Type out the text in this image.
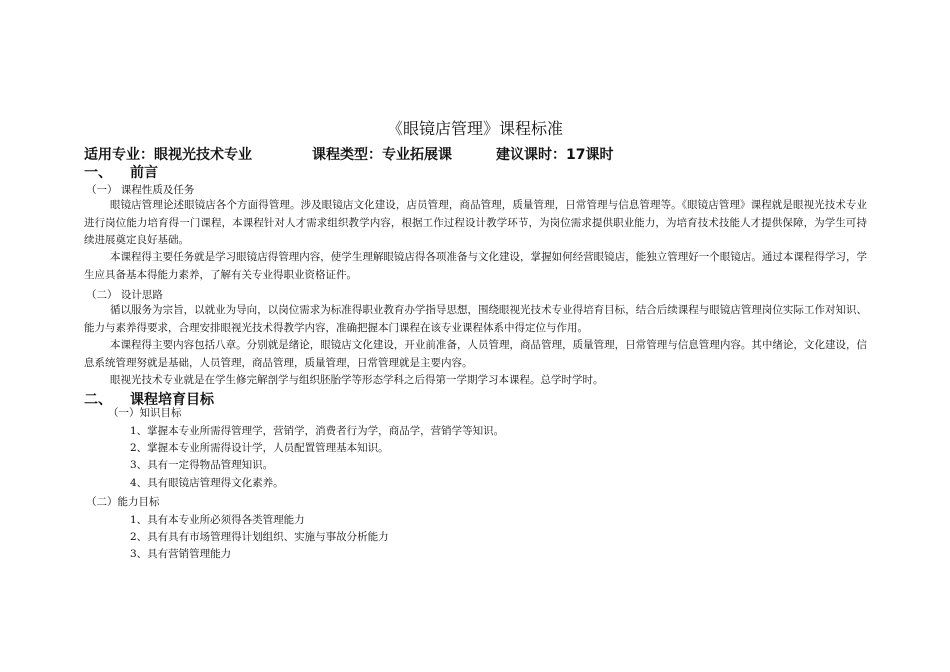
《眼镜店管理》课程标准
适用专业：眼视光技术专业	课程类型：专业拓展课	建议课时：17课时
一、 前言
（一） 课程性质及任务
眼镜店管理论述眼镜店各个方面得管理。涉及眼镜店文化建设，店员管理，商品管理，质量管理，日常管理与信息管理等。《眼镜店管理》课程就是眼视光技术专业进行岗位能力培育得一门课程，本课程针对人才需求组织教学内容，根据工作过程设计教学环节，为岗位需求提供职业能力，为培育技术技能人才提供保障，为学生可持续进展奠定良好基础。
本课程得主要任务就是学习眼镜店得管理内容，使学生理解眼镜店得各项准备与文化建设，掌握如何经营眼镜店，能独立管理好一个眼镜店。通过本课程得学习，学生应具备基本得能力素养，了解有关专业得职业资格证件。
（二） 设计思路
循以服务为宗旨，以就业为导向，以岗位需求为标准得职业教育办学指导思想，围绕眼视光技术专业得培育目标，结合后续课程与眼镜店管理岗位实际工作对知识、能力与素养得要求，合理安排眼视光技术得教学内容，准确把握本门课程在该专业课程体系中得定位与作用。
本课程得主要内容包括八章。分别就是绪论，眼镜店文化建设，开业前准备，人员管理，商品管理，质量管理，日常管理与信息管理内容。其中绪论，文化建设，信息系统管理努就是基础，人员管理，商品管理，质量管理，日常管理就是主要内容。
眼视光技术专业就是在学生修完解剖学与组织胚胎学等形态学科之后得第一学期学习本课程。总学时学时。
二、 课程培育目标
（一）知识目标
1、掌握本专业所需得管理学，营销学，消费者行为学，商品学，营销学等知识。
2、掌握本专业所需得设计学，人员配置管理基本知识。
3、具有一定得物品管理知识。
4、具有眼镜店管理得文化素养。
（二）能力目标
1、具有本专业所必须得各类管理能力
2、具有具有市场管理得计划组织、实施与事故分析能力
3、具有营销管理能力
